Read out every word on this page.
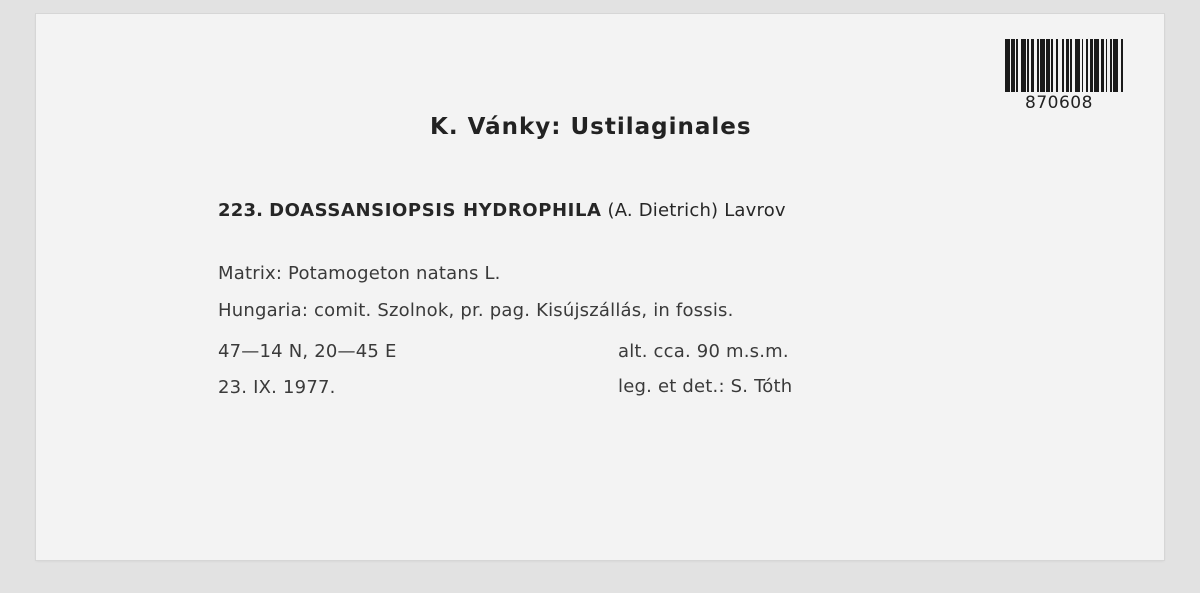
870608
K. Vánky: Ustilaginales
223. DOASSANSIOPSIS HYDROPHILA (A. Dietrich) Lavrov
Matrix: Potamogeton natans L.
Hungaria: comit. Szolnok, pr. pag. Kisújszállás, in fossis.
47—14 N, 20—45 E	alt. cca. 90 m.s.m.
23. IX. 1977.	leg. et det.: S. Tóth
